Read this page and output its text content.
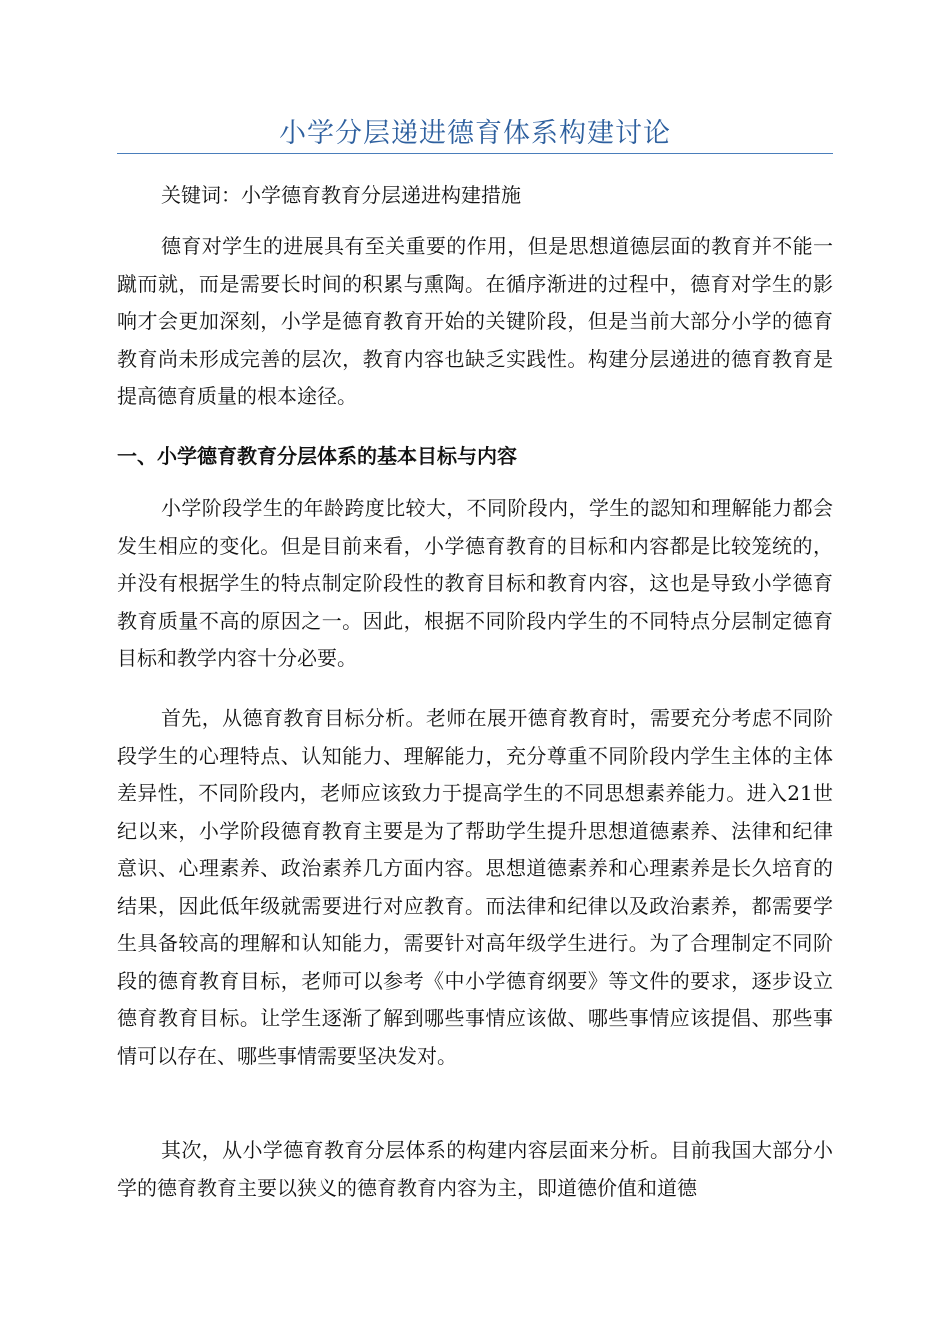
小学分层递进德育体系构建讨论
关键词：小学德育教育分层递进构建措施
德育对学生的进展具有至关重要的作用，但是思想道德层面的教育并不能一蹴而就，而是需要长时间的积累与熏陶。在循序渐进的过程中，德育对学生的影响才会更加深刻，小学是德育教育开始的关键阶段，但是当前大部分小学的德育教育尚未形成完善的层次，教育内容也缺乏实践性。构建分层递进的德育教育是提高德育质量的根本途径。
一、小学德育教育分层体系的基本目标与内容
小学阶段学生的年龄跨度比较大，不同阶段内，学生的認知和理解能力都会发生相应的变化。但是目前来看，小学德育教育的目标和内容都是比较笼统的，并没有根据学生的特点制定阶段性的教育目标和教育内容，这也是导致小学德育教育质量不高的原因之一。因此，根据不同阶段内学生的不同特点分层制定德育目标和教学内容十分必要。
首先，从德育教育目标分析。老师在展开德育教育时，需要充分考虑不同阶段学生的心理特点、认知能力、理解能力，充分尊重不同阶段内学生主体的主体差异性，不同阶段内，老师应该致力于提高学生的不同思想素养能力。进入21世纪以来，小学阶段德育教育主要是为了帮助学生提升思想道德素养、法律和纪律意识、心理素养、政治素养几方面内容。思想道德素养和心理素养是长久培育的结果，因此低年级就需要进行对应教育。而法律和纪律以及政治素养，都需要学生具备较高的理解和认知能力，需要针对高年级学生进行。为了合理制定不同阶段的德育教育目标，老师可以参考《中小学德育纲要》等文件的要求，逐步设立德育教育目标。让学生逐渐了解到哪些事情应该做、哪些事情应该提倡、那些事情可以存在、哪些事情需要坚决发对。
其次，从小学德育教育分层体系的构建内容层面来分析。目前我国大部分小学的德育教育主要以狭义的德育教育内容为主，即道德价值和道德
